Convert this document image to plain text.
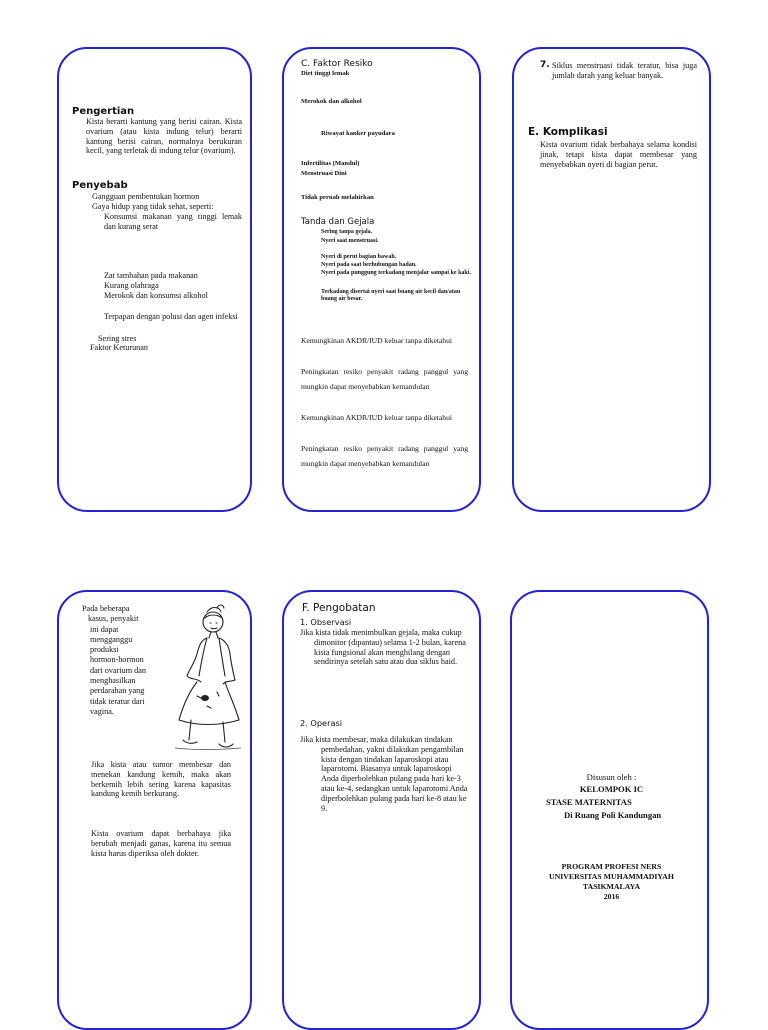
Pengertian
Kista berarti kantung yang berisi cairan. Kista ovarium (atau kista indung telur) berarti kantung berisi cairan, normalnya berukuran kecil, yang terletak di indung telur (ovarium).
Penyebab
Gangguan pembentukan hormon
Gaya hidup yang tidak sehat, seperti:
Konsumsi makanan yang tinggi lemak dan kurang serat
Zat tambahan pada makanan
Kurang olahraga
Merokok dan konsumsi alkohol
Terpapan dengan polusi dan agen infeksi
Sering stres
Faktor Keturunan
C. Faktor Resiko
Diet tinggi lemak
Merokok dan alkohol
Riwayat kanker payudara
Infertilitas (Mandul)
Menstruasi Dini
Tidak pernah melahirkan
Tanda dan Gejala
Sering tanpa gejala.
Nyeri saat menstruasi.
Nyeri di perut bagian bawah.
Nyeri pada saat berhubungan badan.
Nyeri pada punggung terkadang menjalar sampai ke kaki.
Terkadang disertai nyeri saat buang air kecil dan/atau buang air besar.
Kemungkinan AKDR/IUD keluar tanpa diketahui
Peningkatan resiko penyakit radang panggul yang mungkin dapat menyebabkan kemandulan
Kemungkinan AKDR/IUD keluar tanpa diketahui
Peningkatan resiko penyakit radang panggul yang mungkin dapat menyebabkan kemandulan
7. Siklus menstruasi tidak teratur, bisa juga jumlah darah yang keluar banyak.
E. Komplikasi
Kista ovarium tidak berbahaya selama kondisi jinak, tetapi kista dapat membesar yang menyebabkan nyeri di bagian perut.
Pada beberapa
kasus, penyakit
ini dapat
mengganggu
produksi
hormon-hormon
dari ovarium dan
menghasilkan
perdarahan yang
tidak teratur dari
vagina.
Jika kista atau tumor membesar dan menekan kandung kemih, maka akan berkemih lebih sering karena kapasitas kandung kemih berkurang.
Kista ovarium dapat berbahaya jika berubah menjadi ganas, karena itu semua kista harus diperiksa oleh dokter.
F. Pengobatan
1. Observasi
Jika kista tidak menimbulkan gejala, maka cukup dimonitor (dipantau) selama 1-2 bulan, karena kista fungsional akan menghilang dengan sendirinya setelah satu atau dua siklus haid.
2. Operasi
Jika kista membesar, maka dilakukan tindakan pembedahan, yakni dilakukan pengambilan kista dengan tindakan laparoskopi atau laparotomi. Biasanya untuk laparoskopi Anda diperbolehkan pulang pada hari ke-3 atau ke-4, sedangkan untuk laparotomi Anda diperbolehkan pulang pada hari ke-8 atau ke 9.
Disusun oleh :
KELOMPOK IC
STASE MATERNITAS
Di Ruang Poli Kandungan
PROGRAM PROFESI NERS
UNIVERSITAS MUHAMMADIYAH
TASIKMALAYA
2016
